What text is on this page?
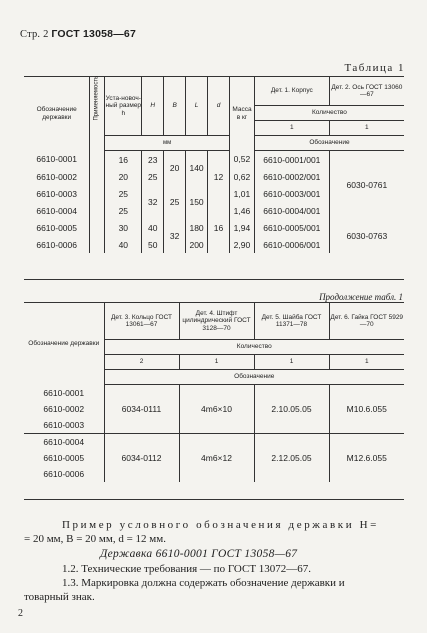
Стр. 2 ГОСТ 13058—67
Таблица 1
Обозначение державки	Применяемость	Уста-новоч-ный размер h	H	B	L	d	Масса в кг	Дет. 1. Корпус	Дет. 2. Ось ГОСТ 13060—67
								Количество	
								1	1
		мм						Обозначение	
6610-0001		16	23	20	140	12	0,52	6610-0001/001	6030-0761
6610-0002		20	25				0,62	6610-0002/001	
6610-0003		25	32	25	150		1,01	6610-0003/001	
6610-0004		25				16	1,46	6610-0004/001	
6610-0005		30	40	32	180		1,94	6610-0005/001	6030-0763
6610-0006		40	50		200		2,90	6610-0006/001	
Продолжение табл. 1
Обозначение державки	Дет. 3. Кольцо ГОСТ 13061—67	Дет. 4. Штифт цилиндрический ГОСТ 3128—70	Дет. 5. Шайба ГОСТ 11371—78	Дет. 6. Гайка ГОСТ 5929—70
	Количество			
	2	1	1	1
	Обозначение			
6610-0001	6034-0111	4m6×10	2.10.05.05	M10.6.055
6610-0002				
6610-0003				
6610-0004	6034-0112	4m6×12	2.12.05.05	M12.6.055
6610-0005				
6610-0006				
Пример условного обозначения державки H=
= 20 мм, B = 20 мм, d = 12 мм.
Державка 6610-0001 ГОСТ 13058—67
1.2. Технические требования — по ГОСТ 13072—67.
1.3. Маркировка должна содержать обозначение державки и
товарный знак.
2
